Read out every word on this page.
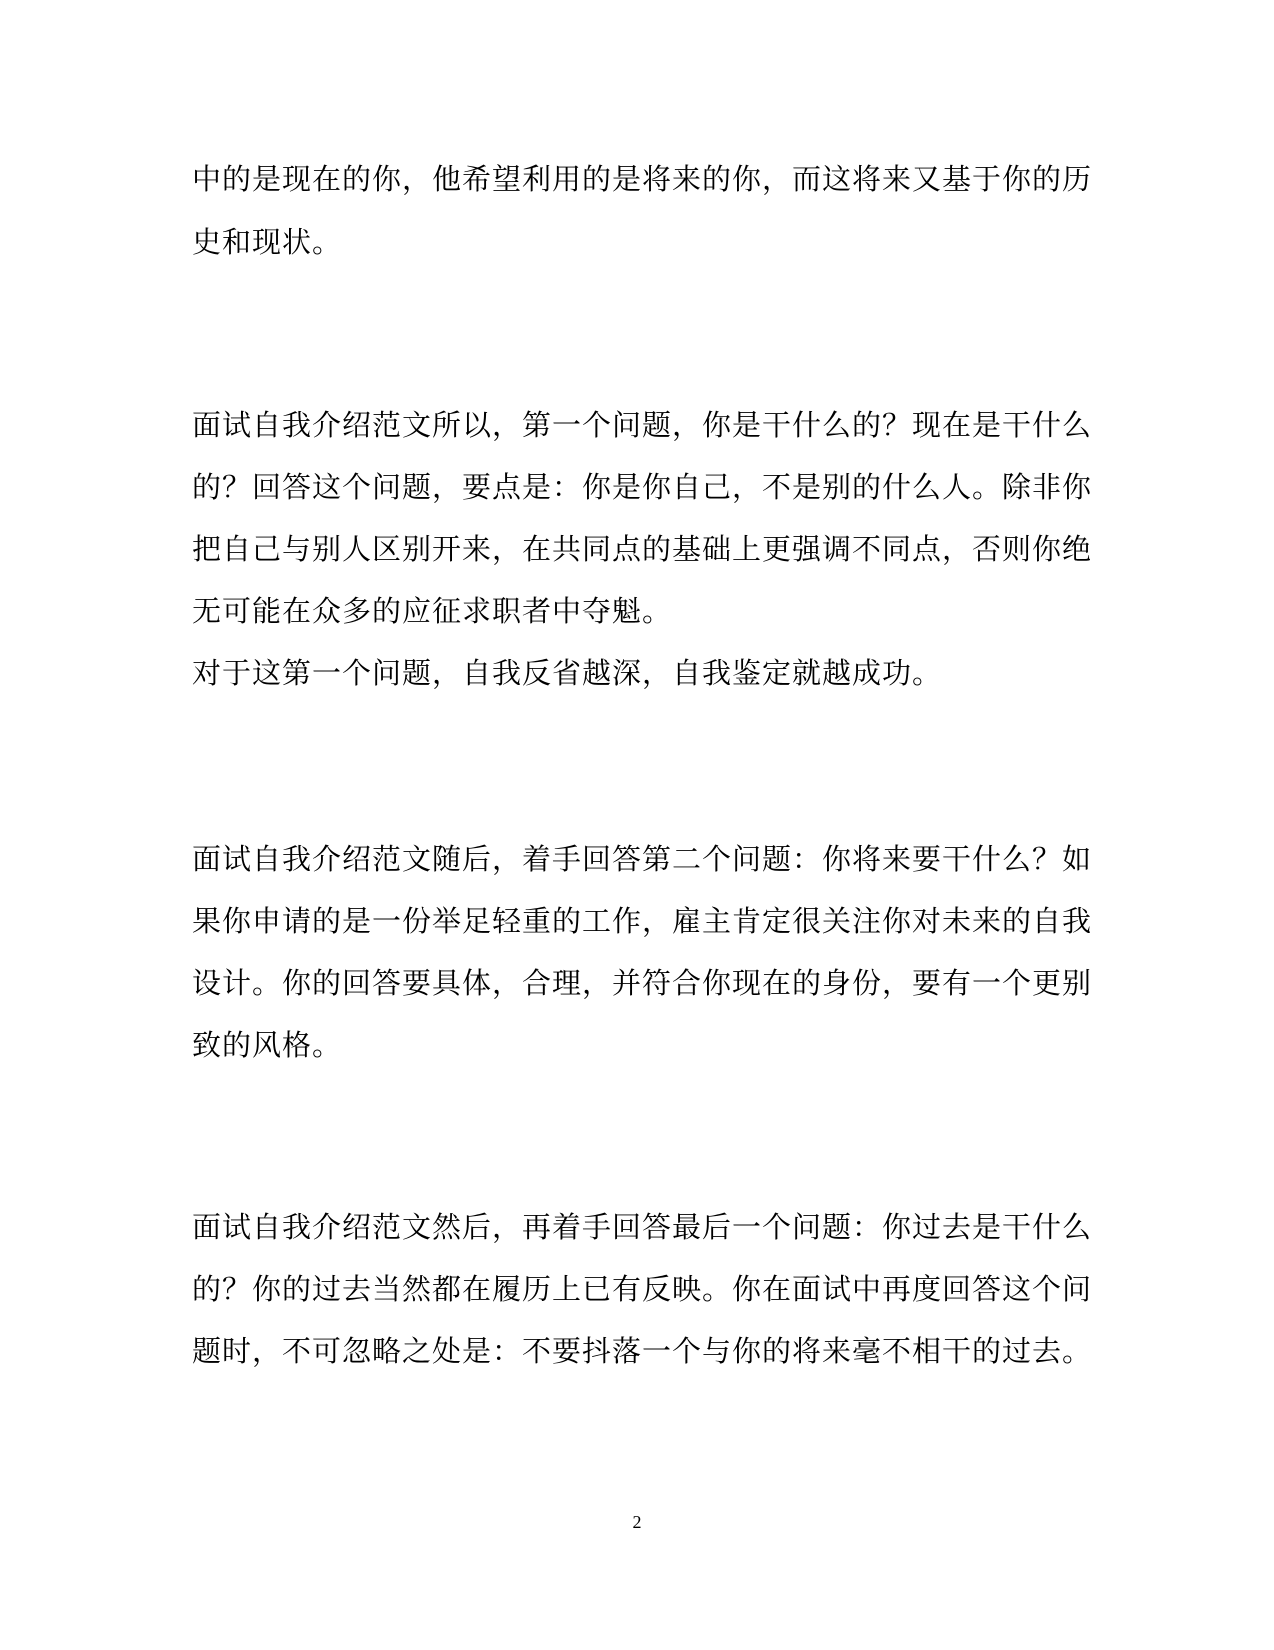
中的是现在的你，他希望利用的是将来的你，而这将来又基于你的历
史和现状。
面试自我介绍范文所以，第一个问题，你是干什么的？现在是干什么
的？回答这个问题，要点是：你是你自己，不是别的什么人。除非你
把自己与别人区别开来，在共同点的基础上更强调不同点，否则你绝
无可能在众多的应征求职者中夺魁。
对于这第一个问题，自我反省越深，自我鉴定就越成功。
面试自我介绍范文随后，着手回答第二个问题：你将来要干什么？如
果你申请的是一份举足轻重的工作，雇主肯定很关注你对未来的自我
设计。你的回答要具体，合理，并符合你现在的身份，要有一个更别
致的风格。
面试自我介绍范文然后，再着手回答最后一个问题：你过去是干什么
的？你的过去当然都在履历上已有反映。你在面试中再度回答这个问
题时，不可忽略之处是：不要抖落一个与你的将来毫不相干的过去。
2
